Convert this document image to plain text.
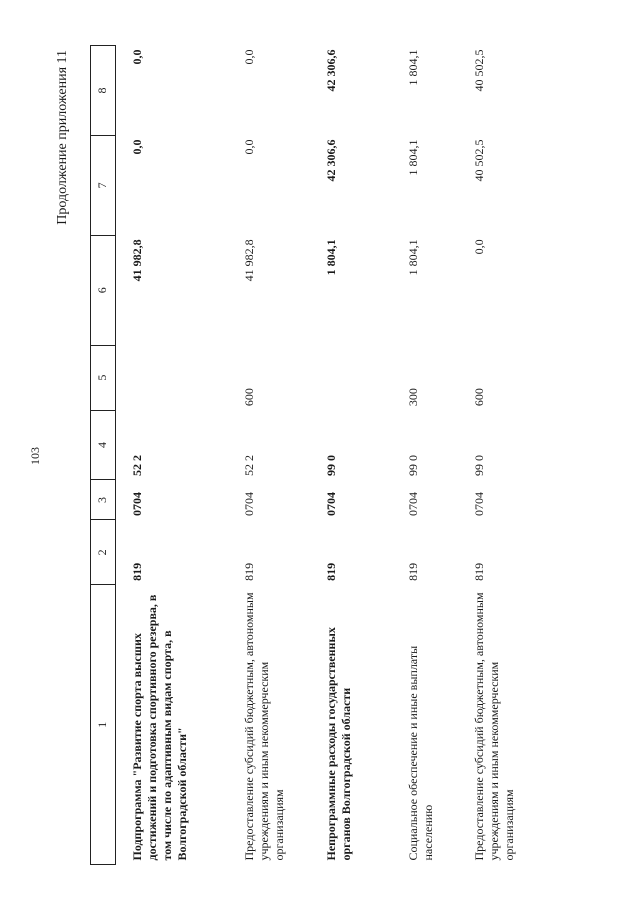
103
Продолжение приложения 11
1	2	3	4	5	6	7	8
Подпрограмма "Развитие спорта высших достижений и подготовка спортивного резерва, в том числе по адаптивным видам спорта, в Волгоградской области"	819	0704	52 2		41 982,8	0,0	0,0
Предоставление субсидий бюджетным, автономным учреждениям и иным некоммерческим организациям	819	0704	52 2	600	41 982,8	0,0	0,0
Непрограммные расходы государственных органов Волгоградской области	819	0704	99 0		1 804,1	42 306,6	42 306,6
Социальное обеспечение и иные выплаты населению	819	0704	99 0	300	1 804,1	1 804,1	1 804,1
Предоставление субсидий бюджетным, автономным учреждениям и иным некоммерческим организациям	819	0704	99 0	600	0,0	40 502,5	40 502,5
